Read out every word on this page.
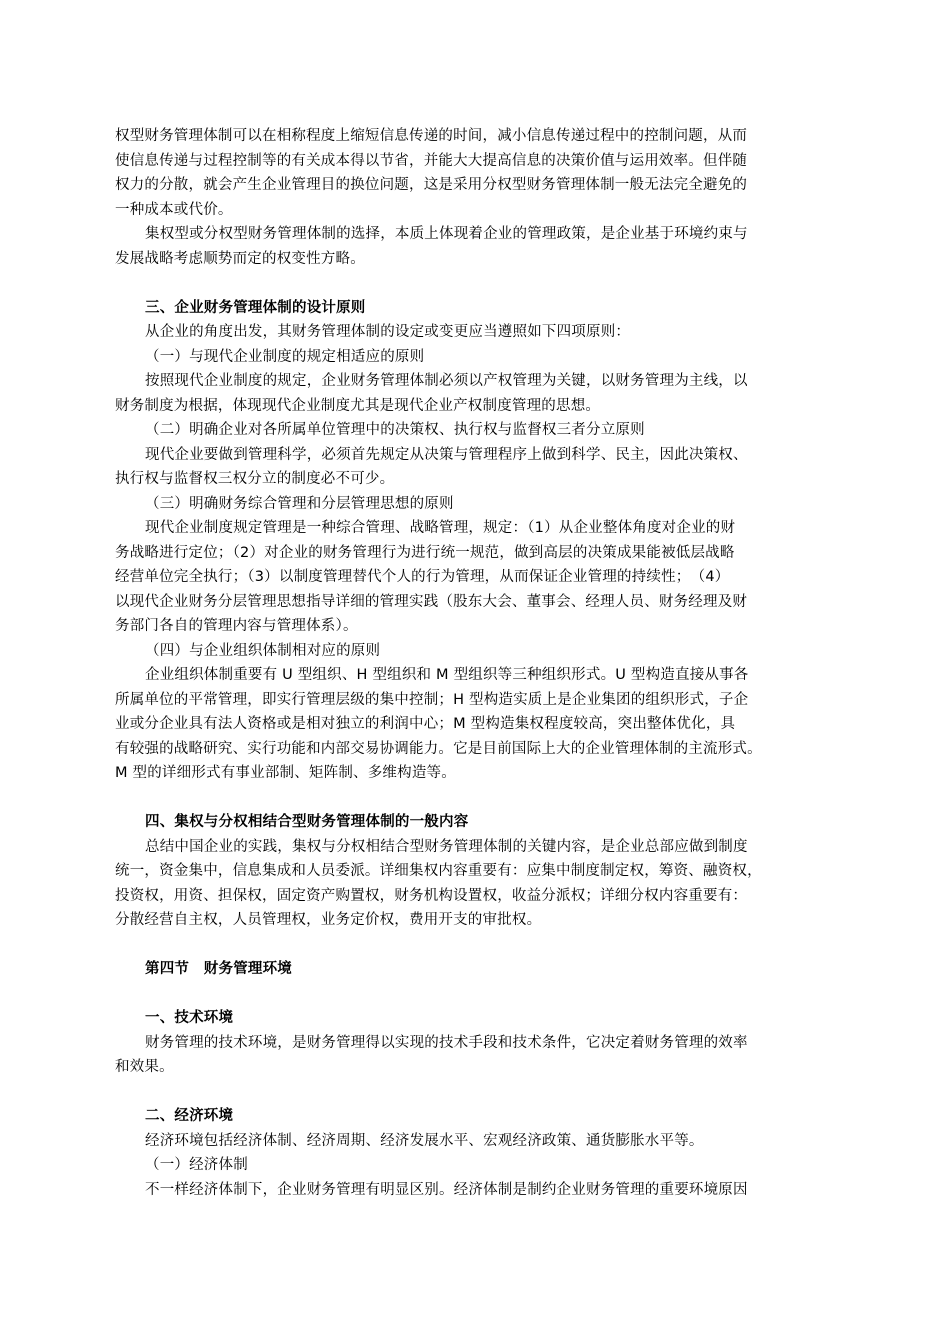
权型财务管理体制可以在相称程度上缩短信息传递的时间，减小信息传递过程中的控制问题，从而
使信息传递与过程控制等的有关成本得以节省，并能大大提高信息的决策价值与运用效率。但伴随
权力的分散，就会产生企业管理目的换位问题，这是采用分权型财务管理体制一般无法完全避免的
一种成本或代价。
集权型或分权型财务管理体制的选择，本质上体现着企业的管理政策，是企业基于环境约束与
发展战略考虑顺势而定的权变性方略。
三、企业财务管理体制的设计原则
从企业的角度出发，其财务管理体制的设定或变更应当遵照如下四项原则：
（一）与现代企业制度的规定相适应的原则
按照现代企业制度的规定，企业财务管理体制必须以产权管理为关键，以财务管理为主线，以
财务制度为根据，体现现代企业制度尤其是现代企业产权制度管理的思想。
（二）明确企业对各所属单位管理中的决策权、执行权与监督权三者分立原则
现代企业要做到管理科学，必须首先规定从决策与管理程序上做到科学、民主，因此决策权、
执行权与监督权三权分立的制度必不可少。
（三）明确财务综合管理和分层管理思想的原则
现代企业制度规定管理是一种综合管理、战略管理，规定：（1）从企业整体角度对企业的财
务战略进行定位；（2）对企业的财务管理行为进行统一规范，做到高层的决策成果能被低层战略
经营单位完全执行；（3）以制度管理替代个人的行为管理，从而保证企业管理的持续性；　（4）
以现代企业财务分层管理思想指导详细的管理实践（股东大会、董事会、经理人员、财务经理及财
务部门各自的管理内容与管理体系）。
（四）与企业组织体制相对应的原则
企业组织体制重要有 U 型组织、H 型组织和 M 型组织等三种组织形式。U 型构造直接从事各
所属单位的平常管理，即实行管理层级的集中控制；H 型构造实质上是企业集团的组织形式，子企
业或分企业具有法人资格或是相对独立的利润中心；M 型构造集权程度较高，突出整体优化，具
有较强的战略研究、实行功能和内部交易协调能力。它是目前国际上大的企业管理体制的主流形式。
M 型的详细形式有事业部制、矩阵制、多维构造等。
四、集权与分权相结合型财务管理体制的一般内容
总结中国企业的实践，集权与分权相结合型财务管理体制的关键内容，是企业总部应做到制度
统一，资金集中，信息集成和人员委派。详细集权内容重要有：应集中制度制定权，筹资、融资权，
投资权，用资、担保权，固定资产购置权，财务机构设置权，收益分派权；详细分权内容重要有：
分散经营自主权，人员管理权，业务定价权，费用开支的审批权。
第四节　财务管理环境
一、技术环境
财务管理的技术环境，是财务管理得以实现的技术手段和技术条件，它决定着财务管理的效率
和效果。
二、经济环境
经济环境包括经济体制、经济周期、经济发展水平、宏观经济政策、通货膨胀水平等。
（一）经济体制
不一样经济体制下，企业财务管理有明显区别。经济体制是制约企业财务管理的重要环境原因
